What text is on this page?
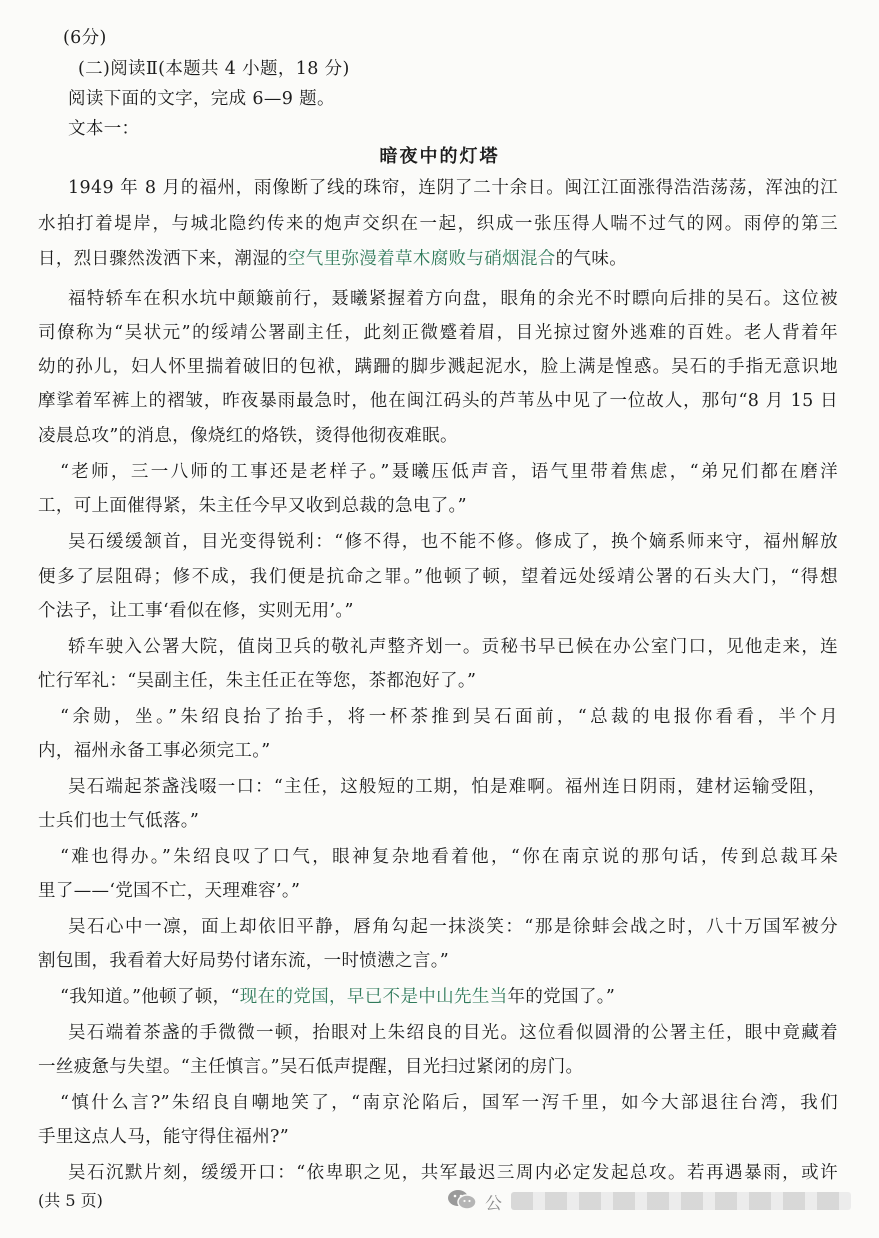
(6分)
(二)阅读Ⅱ(本题共 4 小题，18 分)
阅读下面的文字，完成 6—9 题。
文本一：
暗夜中的灯塔
1949 年 8 月的福州，雨像断了线的珠帘，连阴了二十余日。闽江江面涨得浩浩荡荡，浑浊的江
水拍打着堤岸，与城北隐约传来的炮声交织在一起，织成一张压得人喘不过气的网。雨停的第三
日，烈日骤然泼洒下来，潮湿的空气里弥漫着草木腐败与硝烟混合的气味。
福特轿车在积水坑中颠簸前行，聂曦紧握着方向盘，眼角的余光不时瞟向后排的吴石。这位被
司僚称为“吴状元”的绥靖公署副主任，此刻正微蹙着眉，目光掠过窗外逃难的百姓。老人背着年
幼的孙儿，妇人怀里揣着破旧的包袱，蹒跚的脚步溅起泥水，脸上满是惶惑。吴石的手指无意识地
摩挲着军裤上的褶皱，昨夜暴雨最急时，他在闽江码头的芦苇丛中见了一位故人，那句“8 月 15 日
凌晨总攻”的消息，像烧红的烙铁，烫得他彻夜难眠。
“老师，三一八师的工事还是老样子。”聂曦压低声音，语气里带着焦虑，“弟兄们都在磨洋
工，可上面催得紧，朱主任今早又收到总裁的急电了。”
吴石缓缓颔首，目光变得锐利：“修不得，也不能不修。修成了，换个嫡系师来守，福州解放
便多了层阻碍；修不成，我们便是抗命之罪。”他顿了顿，望着远处绥靖公署的石头大门，“得想
个法子，让工事‘看似在修，实则无用’。”
轿车驶入公署大院，值岗卫兵的敬礼声整齐划一。贡秘书早已候在办公室门口，见他走来，连
忙行军礼：“吴副主任，朱主任正在等您，茶都泡好了。”
“余勋，坐。”朱绍良抬了抬手，将一杯茶推到吴石面前，“总裁的电报你看看，半个月
内，福州永备工事必须完工。”
吴石端起茶盏浅啜一口：“主任，这般短的工期，怕是难啊。福州连日阴雨，建材运输受阻，
士兵们也士气低落。”
“难也得办。”朱绍良叹了口气，眼神复杂地看着他，“你在南京说的那句话，传到总裁耳朵
里了——‘党国不亡，天理难容’。”
吴石心中一凛，面上却依旧平静，唇角勾起一抹淡笑：“那是徐蚌会战之时，八十万国军被分
割包围，我看着大好局势付诸东流，一时愤懑之言。”
“我知道。”他顿了顿，“现在的党国，早已不是中山先生当年的党国了。”
吴石端着茶盏的手微微一顿，抬眼对上朱绍良的目光。这位看似圆滑的公署主任，眼中竟藏着
一丝疲惫与失望。“主任慎言。”吴石低声提醒，目光扫过紧闭的房门。
“慎什么言?”朱绍良自嘲地笑了，“南京沦陷后，国军一泻千里，如今大部退往台湾，我们
手里这点人马，能守得住福州?”
吴石沉默片刻，缓缓开口：“依卑职之见，共军最迟三周内必定发起总攻。若再遇暴雨，或许
(共 5 页)	公
